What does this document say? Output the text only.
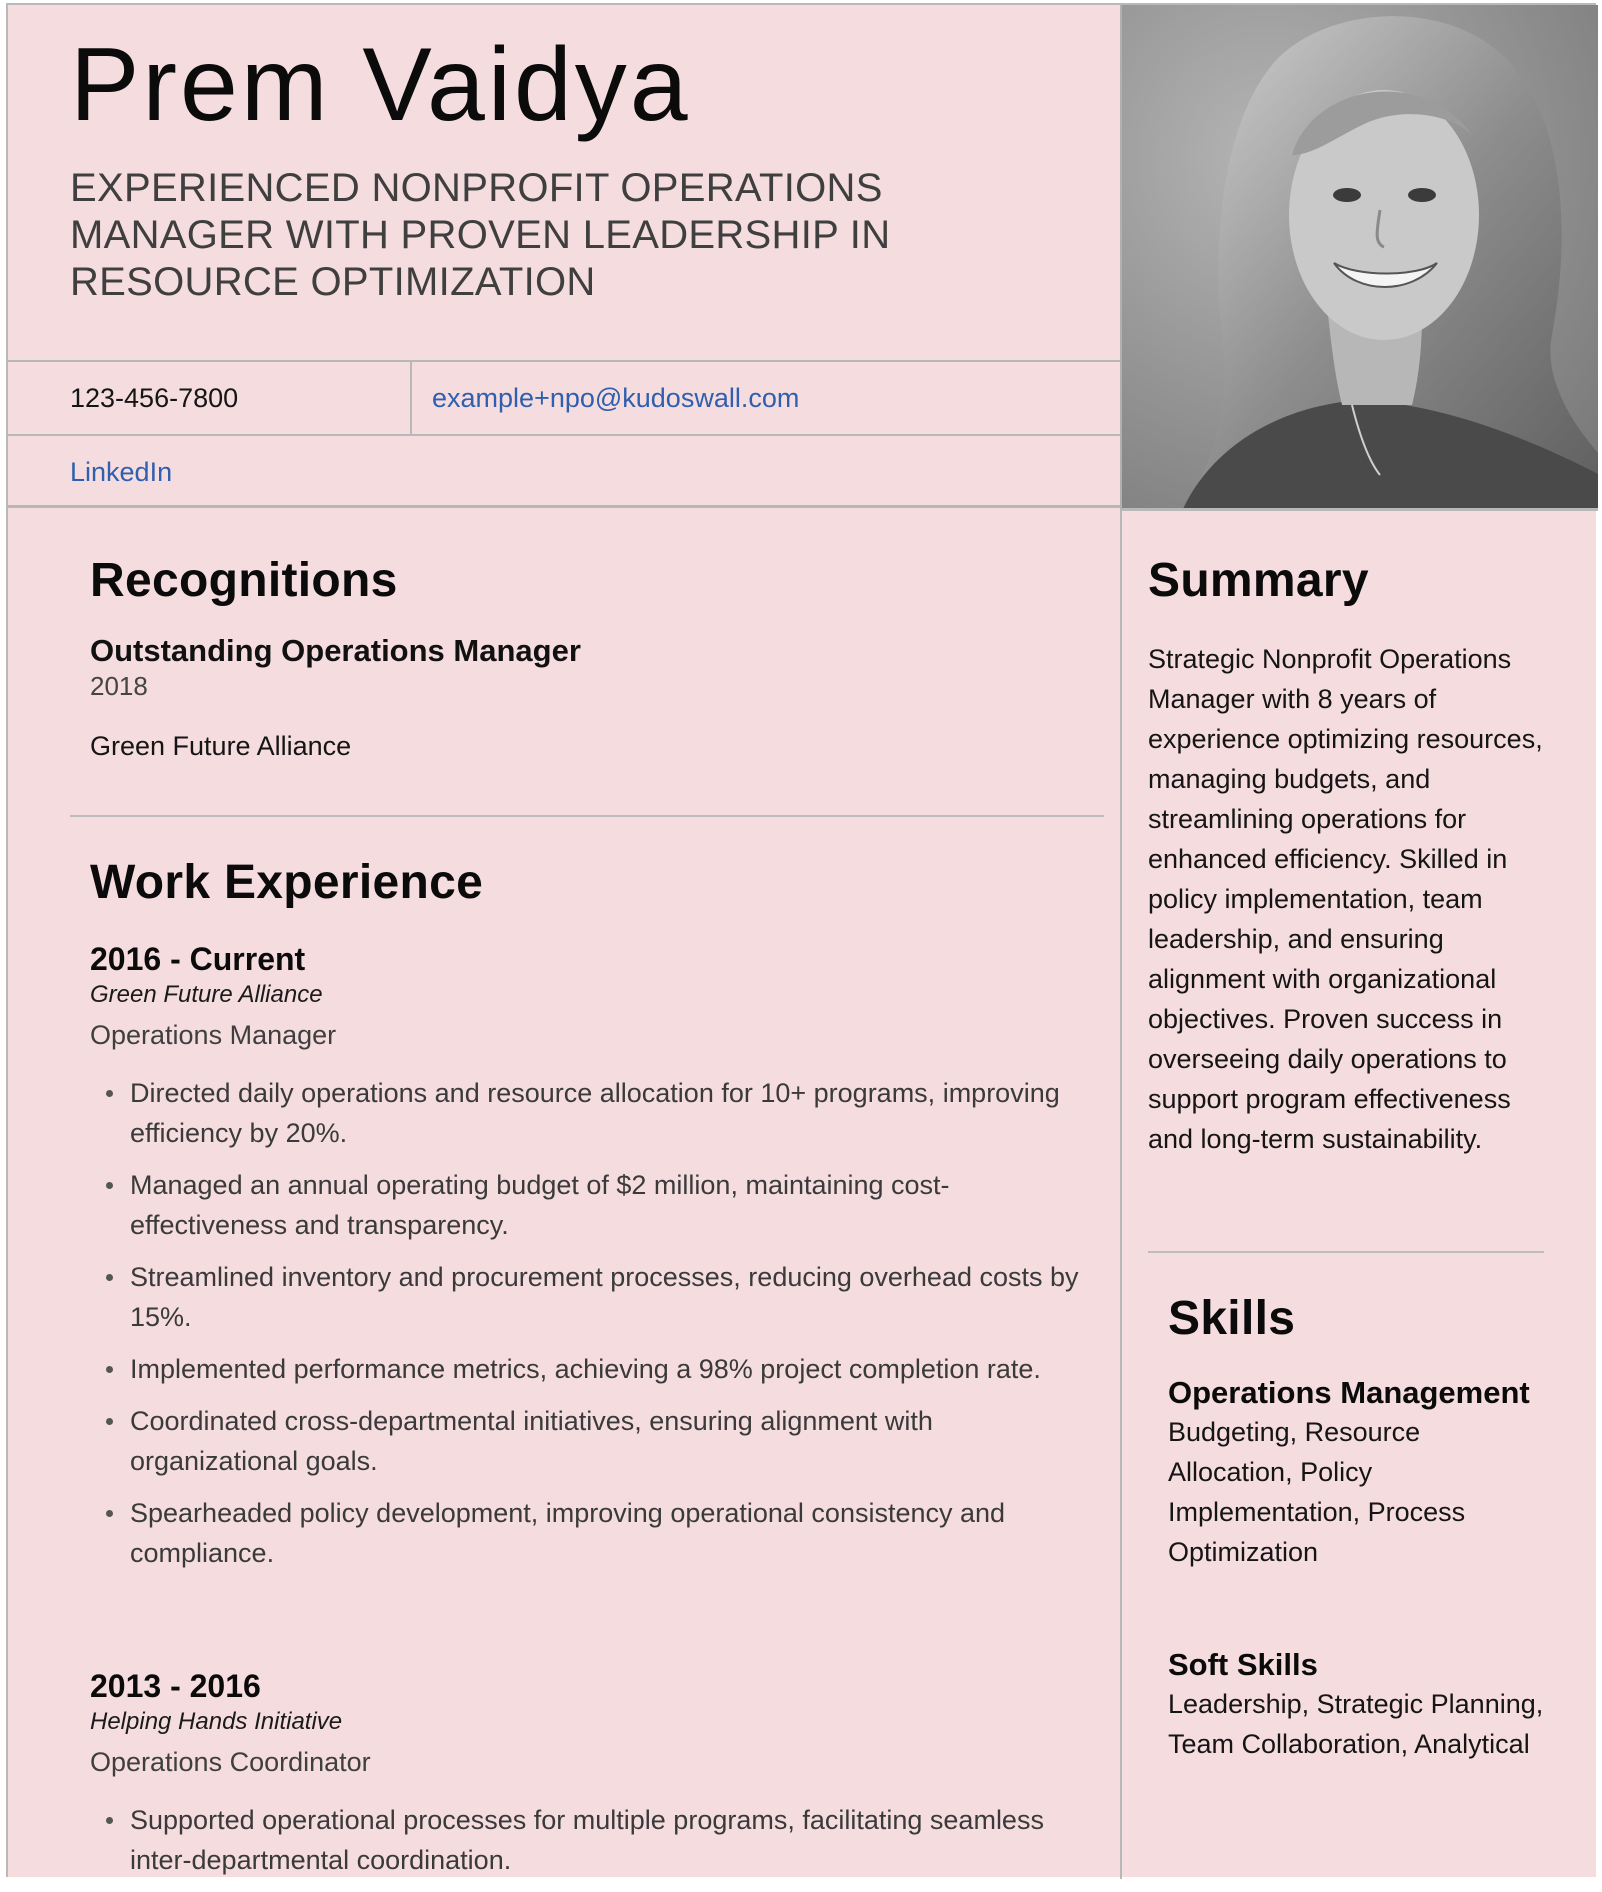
Prem Vaidya
EXPERIENCED NONPROFIT OPERATIONS MANAGER WITH PROVEN LEADERSHIP IN RESOURCE OPTIMIZATION
123-456-7800	example+npo@kudoswall.com
LinkedIn
Recognitions
Outstanding Operations Manager
2018
Green Future Alliance
Work Experience
2016 - Current
Green Future Alliance
Operations Manager
Directed daily operations and resource allocation for 10+ programs, improving efficiency by 20%.
Managed an annual operating budget of $2 million, maintaining cost-effectiveness and transparency.
Streamlined inventory and procurement processes, reducing overhead costs by 15%.
Implemented performance metrics, achieving a 98% project completion rate.
Coordinated cross-departmental initiatives, ensuring alignment with organizational goals.
Spearheaded policy development, improving operational consistency and compliance.
2013 - 2016
Helping Hands Initiative
Operations Coordinator
Supported operational processes for multiple programs, facilitating seamless inter-departmental coordination.
Summary
Strategic Nonprofit Operations Manager with 8 years of experience optimizing resources, managing budgets, and streamlining operations for enhanced efficiency. Skilled in policy implementation, team leadership, and ensuring alignment with organizational objectives. Proven success in overseeing daily operations to support program effectiveness and long-term sustainability.
Skills
Operations Management
Budgeting, Resource Allocation, Policy Implementation, Process Optimization
Soft Skills
Leadership, Strategic Planning, Team Collaboration, Analytical
